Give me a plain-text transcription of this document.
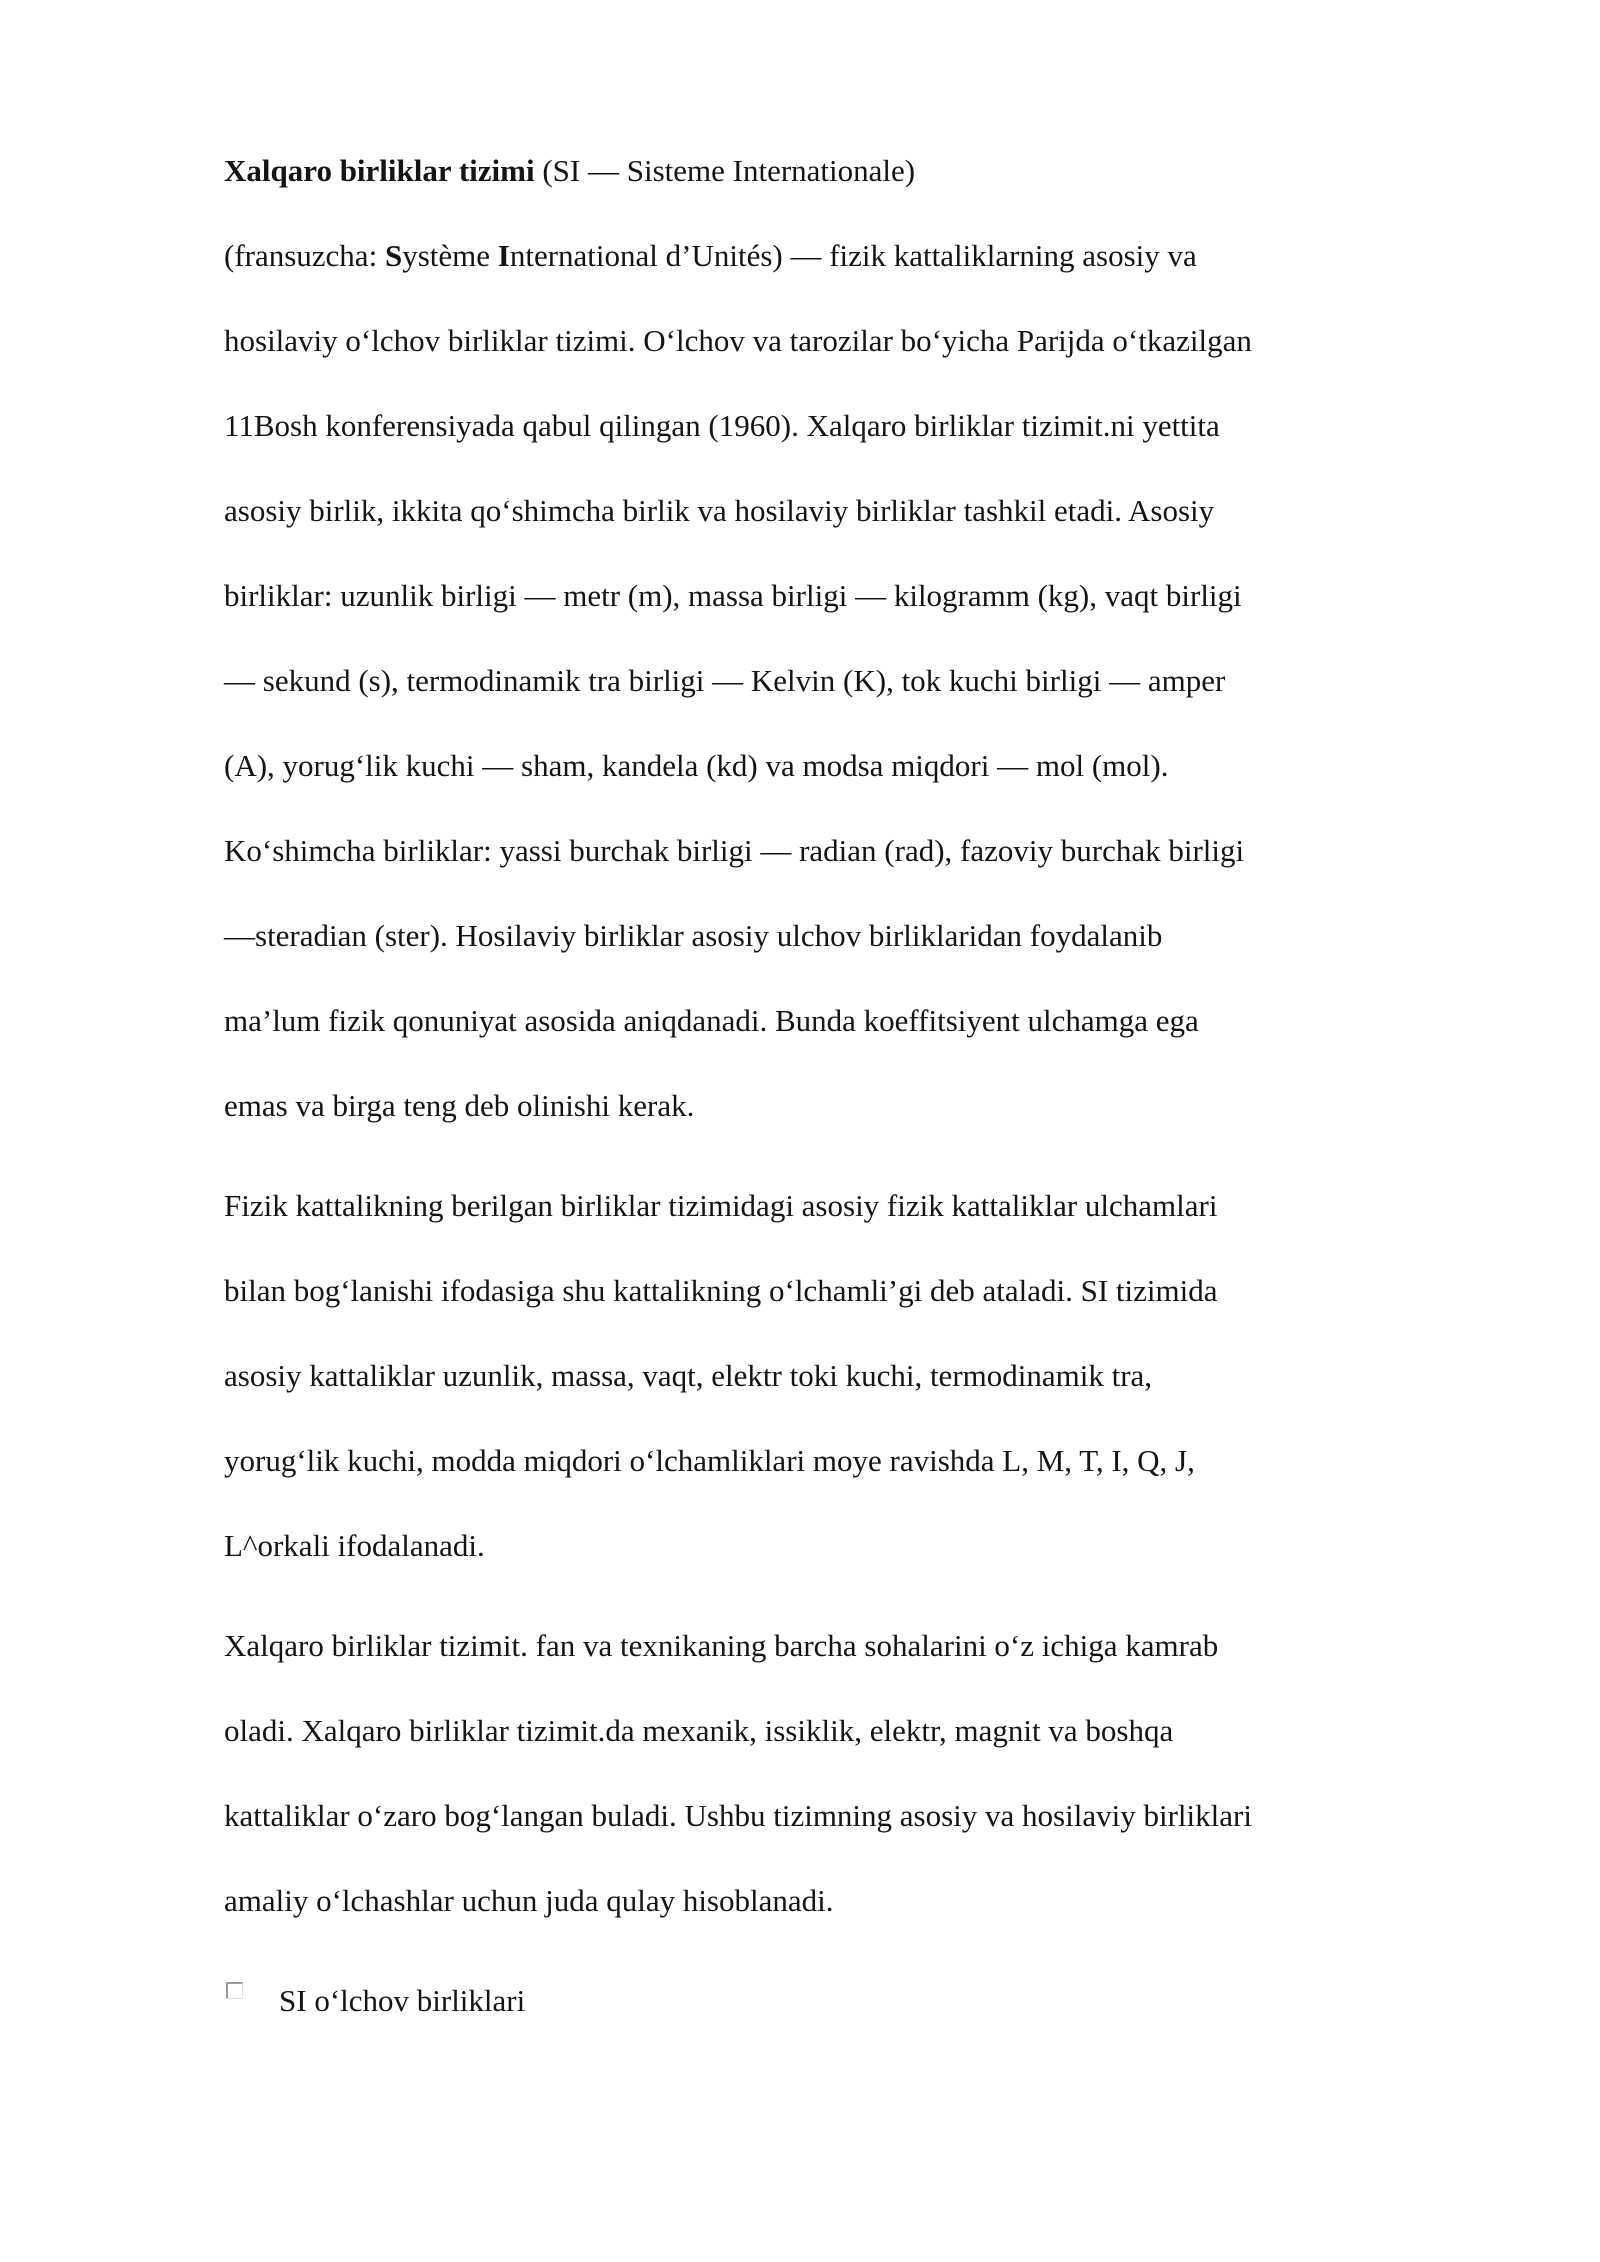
Xalqaro birliklar tizimi (SI — Sisteme Internationale)
(fransuzcha: Système International d’Unités) — fizik kattaliklarning asosiy va
hosilaviy o‘lchov birliklar tizimi. O‘lchov va tarozilar bo‘yicha Parijda o‘tkazilgan
11Bosh konferensiyada qabul qilingan (1960). Xalqaro birliklar tizimit.ni yettita
asosiy birlik, ikkita qo‘shimcha birlik va hosilaviy birliklar tashkil etadi. Asosiy
birliklar: uzunlik birligi — metr (m), massa birligi — kilogramm (kg), vaqt birligi
— sekund (s), termodinamik tra birligi — Kelvin (K), tok kuchi birligi — amper
(A), yorug‘lik kuchi — sham, kandela (kd) va modsa miqdori — mol (mol).
Ko‘shimcha birliklar: yassi burchak birligi — radian (rad), fazoviy burchak birligi
—steradian (ster). Hosilaviy birliklar asosiy ulchov birliklaridan foydalanib
ma’lum fizik qonuniyat asosida aniqdanadi. Bunda koeffitsiyent ulchamga ega
emas va birga teng deb olinishi kerak.
Fizik kattalikning berilgan birliklar tizimidagi asosiy fizik kattaliklar ulchamlari
bilan bog‘lanishi ifodasiga shu kattalikning o‘lchamli’gi deb ataladi. SI tizimida
asosiy kattaliklar uzunlik, massa, vaqt, elektr toki kuchi, termodinamik tra,
yorug‘lik kuchi, modda miqdori o‘lchamliklari moye ravishda L, M, T, I, Q, J,
L^orkali ifodalanadi.
Xalqaro birliklar tizimit. fan va texnikaning barcha sohalarini o‘z ichiga kamrab
oladi. Xalqaro birliklar tizimit.da mexanik, issiklik, elektr, magnit va boshqa
kattaliklar o‘zaro bog‘langan buladi. Ushbu tizimning asosiy va hosilaviy birliklari
amaliy o‘lchashlar uchun juda qulay hisoblanadi.

SI o‘lchov birliklari
